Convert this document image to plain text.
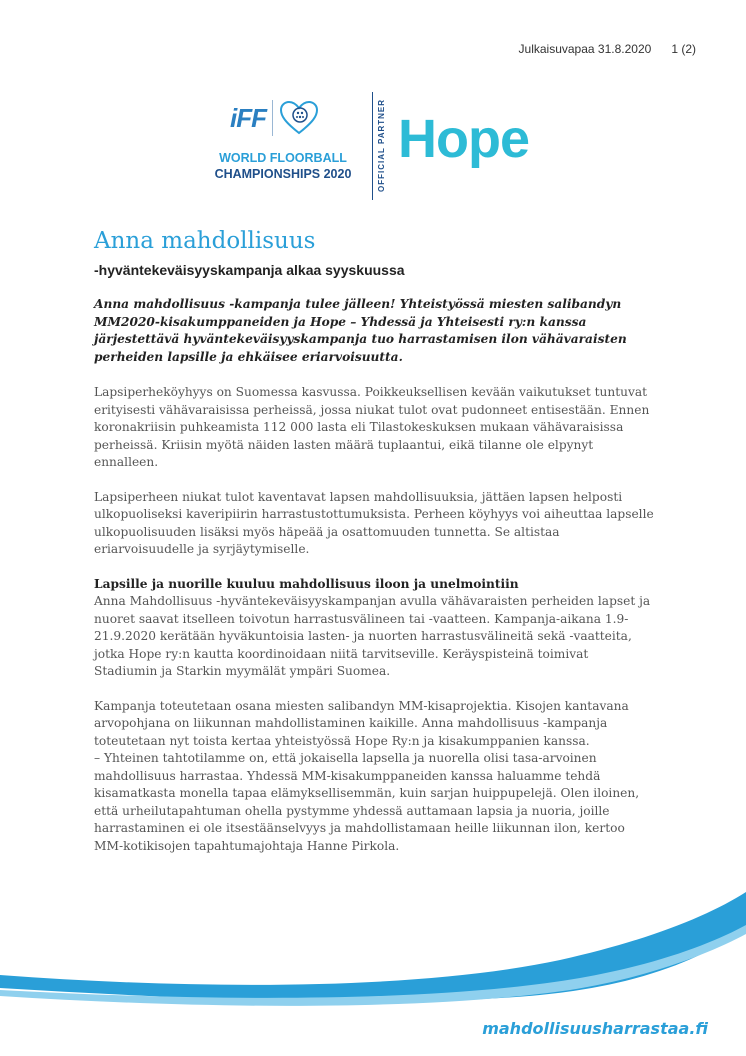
Julkaisuvapaa 31.8.2020 1 (2)
iFF
WORLD FLOORBALL
CHAMPIONSHIPS 2020	OFFICIAL PARTNER Hope
Anna mahdollisuus
-hyväntekeväisyyskampanja alkaa syyskuussa

Anna mahdollisuus -kampanja tulee jälleen! Yhteistyössä miesten salibandyn MM2020-kisakumppaneiden ja Hope – Yhdessä ja Yhteisesti ry:n kanssa järjestettävä hyväntekeväisyyskampanja tuo harrastamisen ilon vähävaraisten perheiden lapsille ja ehkäisee eriarvoisuutta.

Lapsiperheköyhyys on Suomessa kasvussa. Poikkeuksellisen kevään vaikutukset tuntuvat erityisesti vähävaraisissa perheissä, jossa niukat tulot ovat pudonneet entisestään. Ennen koronakriisin puhkeamista 112 000 lasta eli Tilastokeskuksen mukaan vähävaraisissa perheissä. Kriisin myötä näiden lasten määrä tuplaantui, eikä tilanne ole elpynyt ennalleen.

Lapsiperheen niukat tulot kaventavat lapsen mahdollisuuksia, jättäen lapsen helposti ulkopuoliseksi kaveripiirin harrastustottumuksista. Perheen köyhyys voi aiheuttaa lapselle ulkopuolisuuden lisäksi myös häpeää ja osattomuuden tunnetta. Se altistaa eriarvoisuudelle ja syrjäytymiselle.

Lapsille ja nuorille kuuluu mahdollisuus iloon ja unelmointiin

Anna Mahdollisuus -hyväntekeväisyyskampanjan avulla vähävaraisten perheiden lapset ja nuoret saavat itselleen toivotun harrastusvälineen tai -vaatteen. Kampanja-aikana 1.9-21.9.2020 kerätään hyväkuntoisia lasten- ja nuorten harrastusvälineitä sekä -vaatteita, jotka Hope ry:n kautta koordinoidaan niitä tarvitseville. Keräyspisteinä toimivat Stadiumin ja Starkin myymälät ympäri Suomea.

Kampanja toteutetaan osana miesten salibandyn MM-kisaprojektia. Kisojen kantavana arvopohjana on liikunnan mahdollistaminen kaikille. Anna mahdollisuus -kampanja toteutetaan nyt toista kertaa yhteistyössä Hope Ry:n ja kisakumppanien kanssa.

– Yhteinen tahtotilamme on, että jokaisella lapsella ja nuorella olisi tasa-arvoinen mahdollisuus harrastaa. Yhdessä MM-kisakumppaneiden kanssa haluamme tehdä kisamatkasta monella tapaa elämyksellisemmän, kuin sarjan huippupelejä. Olen iloinen, että urheilutapahtuman ohella pystymme yhdessä auttamaan lapsia ja nuoria, joille harrastaminen ei ole itsestäänselvyys ja mahdollistamaan heille liikunnan ilon, kertoo MM-kotikisojen tapahtumajohtaja Hanne Pirkola.

mahdollisuusharrastaa.fi
